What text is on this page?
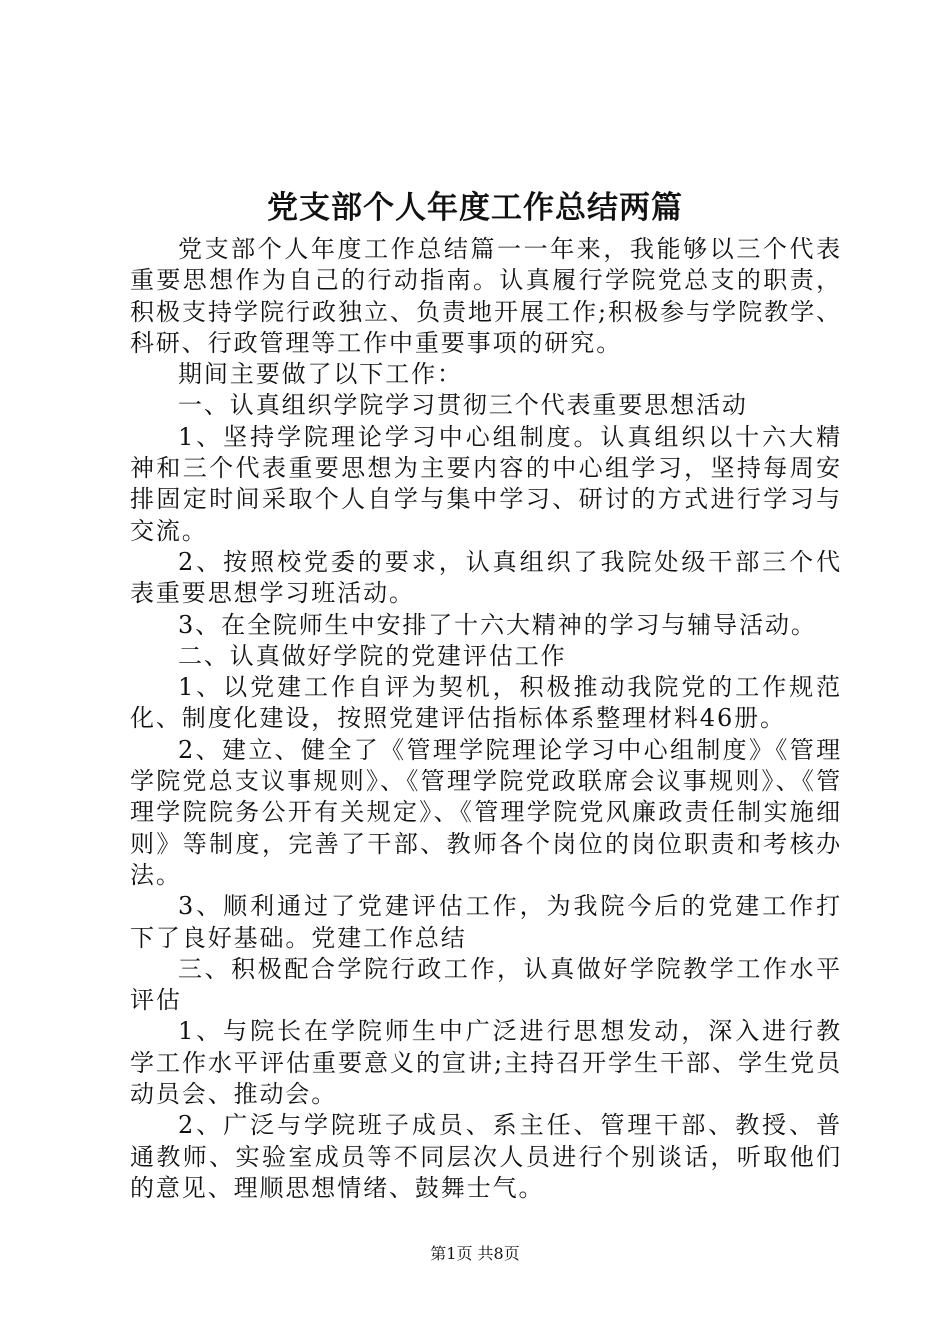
党支部个人年度工作总结两篇

党支部个人年度工作总结篇一一年来，我能够以三个代表重要思想作为自己的行动指南。认真履行学院党总支的职责，积极支持学院行政独立、负责地开展工作;积极参与学院教学、科研、行政管理等工作中重要事项的研究。

期间主要做了以下工作：

一、认真组织学院学习贯彻三个代表重要思想活动

1、坚持学院理论学习中心组制度。认真组织以十六大精神和三个代表重要思想为主要内容的中心组学习，坚持每周安排固定时间采取个人自学与集中学习、研讨的方式进行学习与交流。

2、按照校党委的要求，认真组织了我院处级干部三个代表重要思想学习班活动。

3、在全院师生中安排了十六大精神的学习与辅导活动。

二、认真做好学院的党建评估工作

1、以党建工作自评为契机，积极推动我院党的工作规范化、制度化建设，按照党建评估指标体系整理材料46册。

2、建立、健全了《管理学院理论学习中心组制度》《管理学院党总支议事规则》、《管理学院党政联席会议事规则》、《管理学院院务公开有关规定》、《管理学院党风廉政责任制实施细则》等制度，完善了干部、教师各个岗位的岗位职责和考核办法。

3、顺利通过了党建评估工作，为我院今后的党建工作打下了良好基础。党建工作总结

三、积极配合学院行政工作，认真做好学院教学工作水平评估

1、与院长在学院师生中广泛进行思想发动，深入进行教学工作水平评估重要意义的宣讲;主持召开学生干部、学生党员动员会、推动会。

2、广泛与学院班子成员、系主任、管理干部、教授、普通教师、实验室成员等不同层次人员进行个别谈话，听取他们的意见、理顺思想情绪、鼓舞士气。

第1页 共8页
